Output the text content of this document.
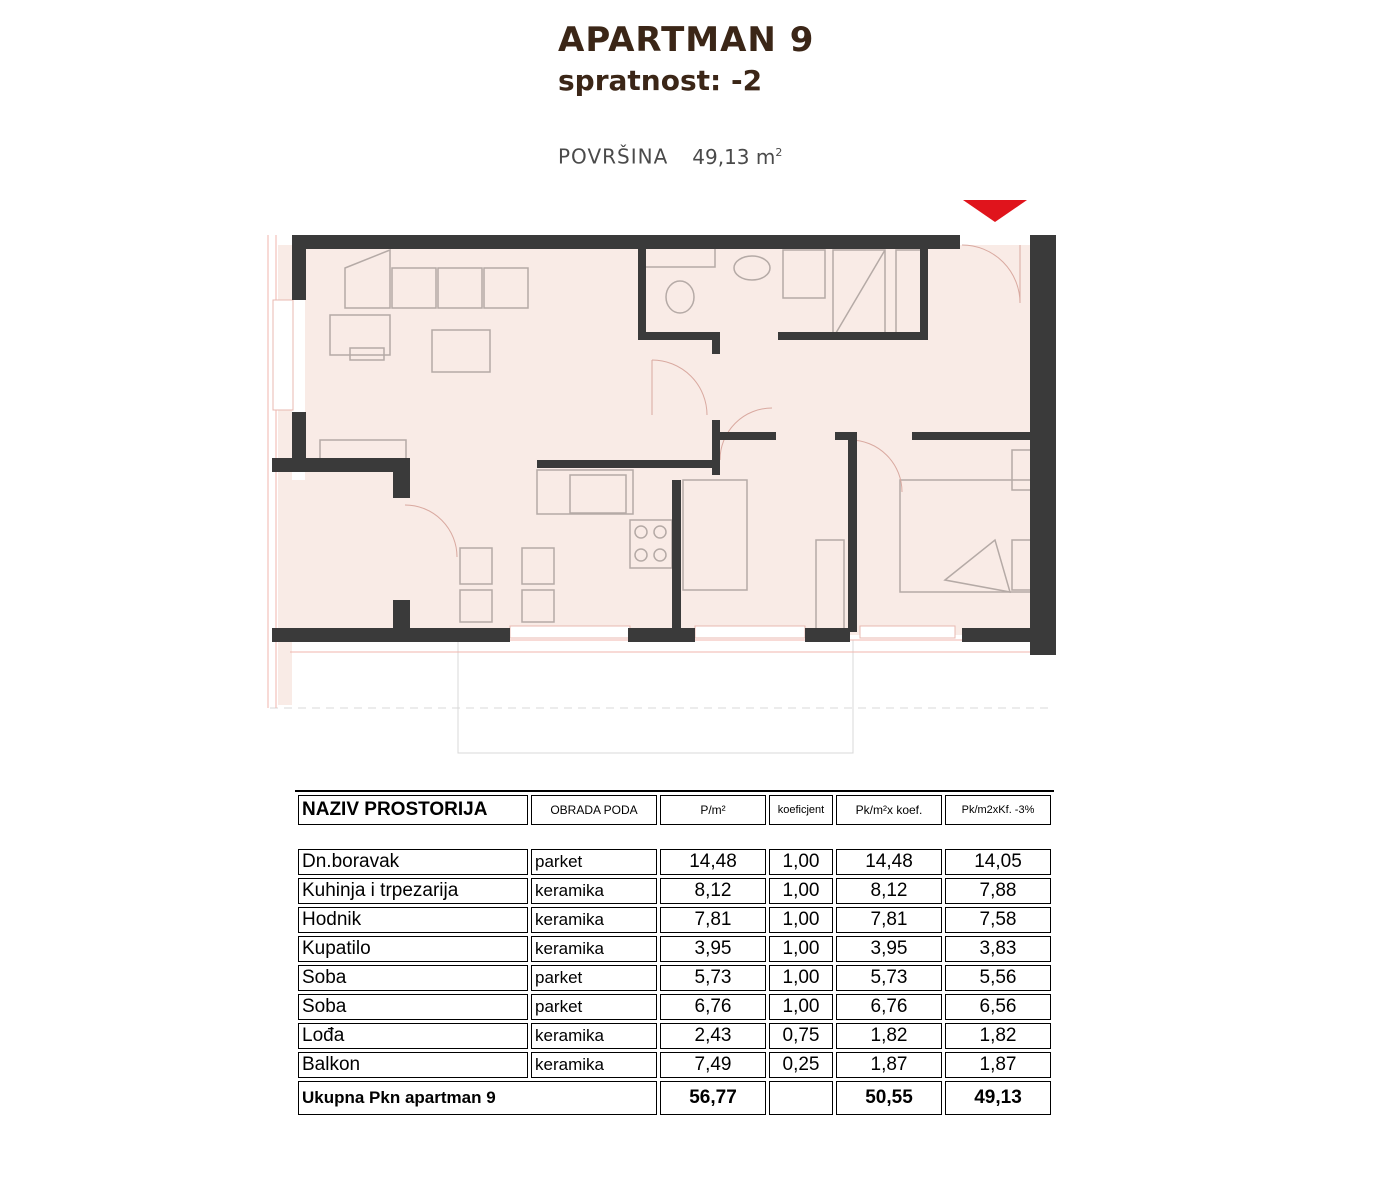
APARTMAN 9
spratnost: -2
POVRŠINA 49,13 $m^2$
NAZIV PROSTORIJA	OBRADA PODA	P/m²	koeficjent	Pk/m²x koef.	Pk/m2xKf. -3%

Dn.boravak	parket	14,48	1,00	14,48	14,05
Kuhinja i trpezarija	keramika	8,12	1,00	8,12	7,88
Hodnik	keramika	7,81	1,00	7,81	7,58
Kupatilo	keramika	3,95	1,00	3,95	3,83
Soba	parket	5,73	1,00	5,73	5,56
Soba	parket	6,76	1,00	6,76	6,56
Lođa	keramika	2,43	0,75	1,82	1,82
Balkon	keramika	7,49	0,25	1,87	1,87
Ukupna Pkn apartman 9		56,77		50,55	49,13
